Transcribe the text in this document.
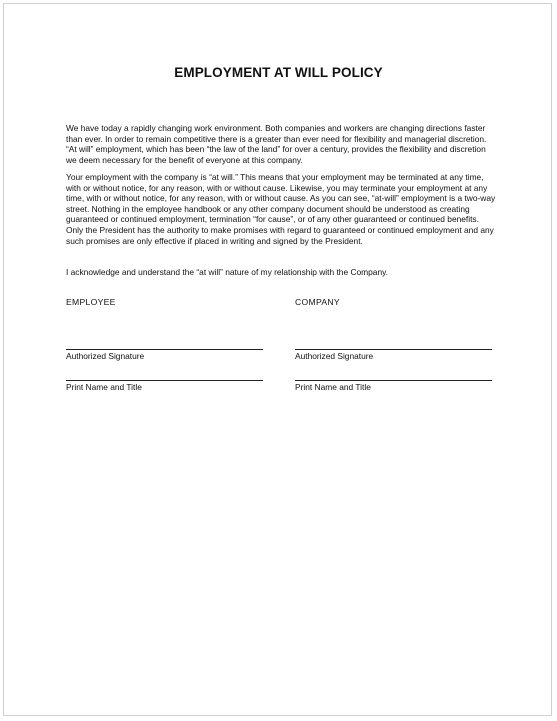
EMPLOYMENT AT WILL POLICY

We have today a rapidly changing work environment. Both companies and workers are changing directions faster than ever. In order to remain competitive there is a greater than ever need for flexibility and managerial discretion. “At will” employment, which has been “the law of the land” for over a century, provides the flexibility and discretion we deem necessary for the benefit of everyone at this company.

Your employment with the company is “at will.” This means that your employment may be terminated at any time, with or without notice, for any reason, with or without cause. Likewise, you may terminate your employment at any time, with or without notice, for any reason, with or without cause. As you can see, “at-will” employment is a two-way street. Nothing in the employee handbook or any other company document should be understood as creating guaranteed or continued employment, termination “for cause”, or of any other guaranteed or continued benefits. Only the President has the authority to make promises with regard to guaranteed or continued employment and any such promises are only effective if placed in writing and signed by the President.

I acknowledge and understand the “at will” nature of my relationship with the Company.

EMPLOYEE	COMPANY

Authorized Signature

Print Name and Title

Authorized Signature

Print Name and Title
